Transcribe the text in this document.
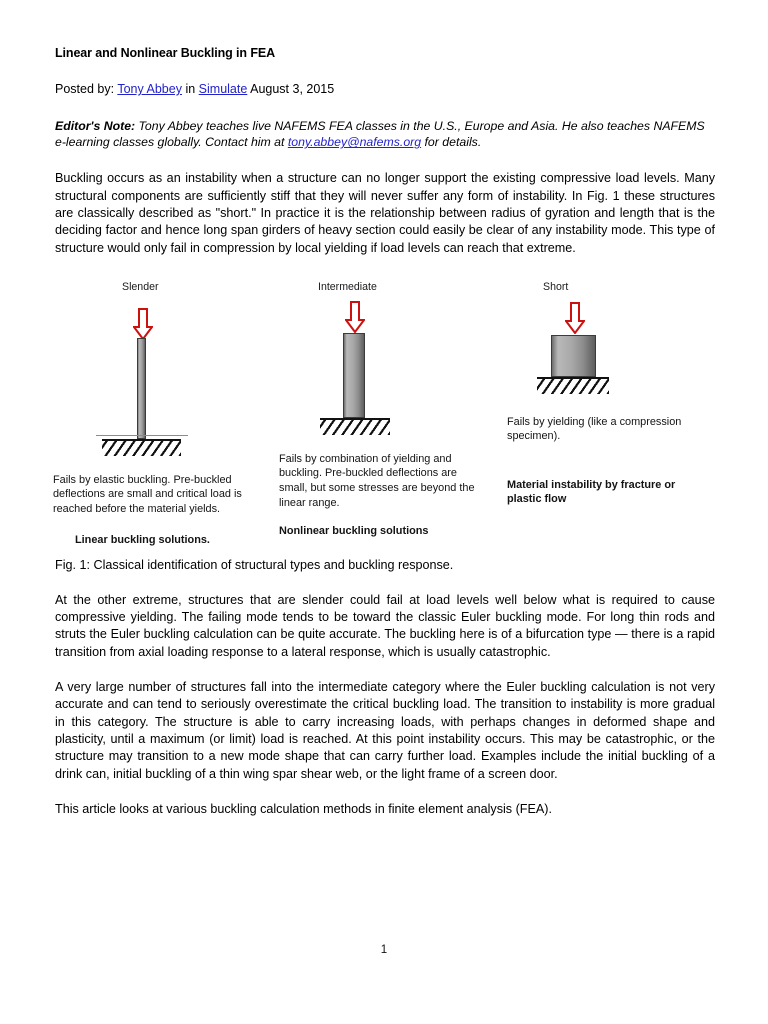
Linear and Nonlinear Buckling in FEA
Posted by: Tony Abbey in Simulate August 3, 2015
Editor's Note: Tony Abbey teaches live NAFEMS FEA classes in the U.S., Europe and Asia. He also teaches NAFEMS e-learning classes globally. Contact him at tony.abbey@nafems.org for details.

Buckling occurs as an instability when a structure can no longer support the existing compressive load levels. Many structural components are sufficiently stiff that they will never suffer any form of instability. In Fig. 1 these structures are classically described as "short." In practice it is the relationship between radius of gyration and length that is the deciding factor and hence long span girders of heavy section could easily be clear of any instability mode. This type of structure would only fail in compression by local yielding if load levels can reach that extreme.

Slender
Fails by elastic buckling. Pre-buckled deflections are small and critical load is reached before the material yields.
Linear buckling solutions.
Intermediate
Fails by combination of yielding and buckling. Pre-buckled deflections are small, but some stresses are beyond the linear range.
Nonlinear buckling solutions
Short
Fails by yielding (like a compression specimen).
Material instability by fracture or plastic flow
Fig. 1: Classical identification of structural types and buckling response.

At the other extreme, structures that are slender could fail at load levels well below what is required to cause compressive yielding. The failing mode tends to be toward the classic Euler buckling mode. For long thin rods and struts the Euler buckling calculation can be quite accurate. The buckling here is of a bifurcation type — there is a rapid transition from axial loading response to a lateral response, which is usually catastrophic.

A very large number of structures fall into the intermediate category where the Euler buckling calculation is not very accurate and can tend to seriously overestimate the critical buckling load. The transition to instability is more gradual in this category. The structure is able to carry increasing loads, with perhaps changes in deformed shape and plasticity, until a maximum (or limit) load is reached. At this point instability occurs. This may be catastrophic, or the structure may transition to a new mode shape that can carry further load. Examples include the initial buckling of a drink can, initial buckling of a thin wing spar shear web, or the light frame of a screen door.

This article looks at various buckling calculation methods in finite element analysis (FEA).

1
